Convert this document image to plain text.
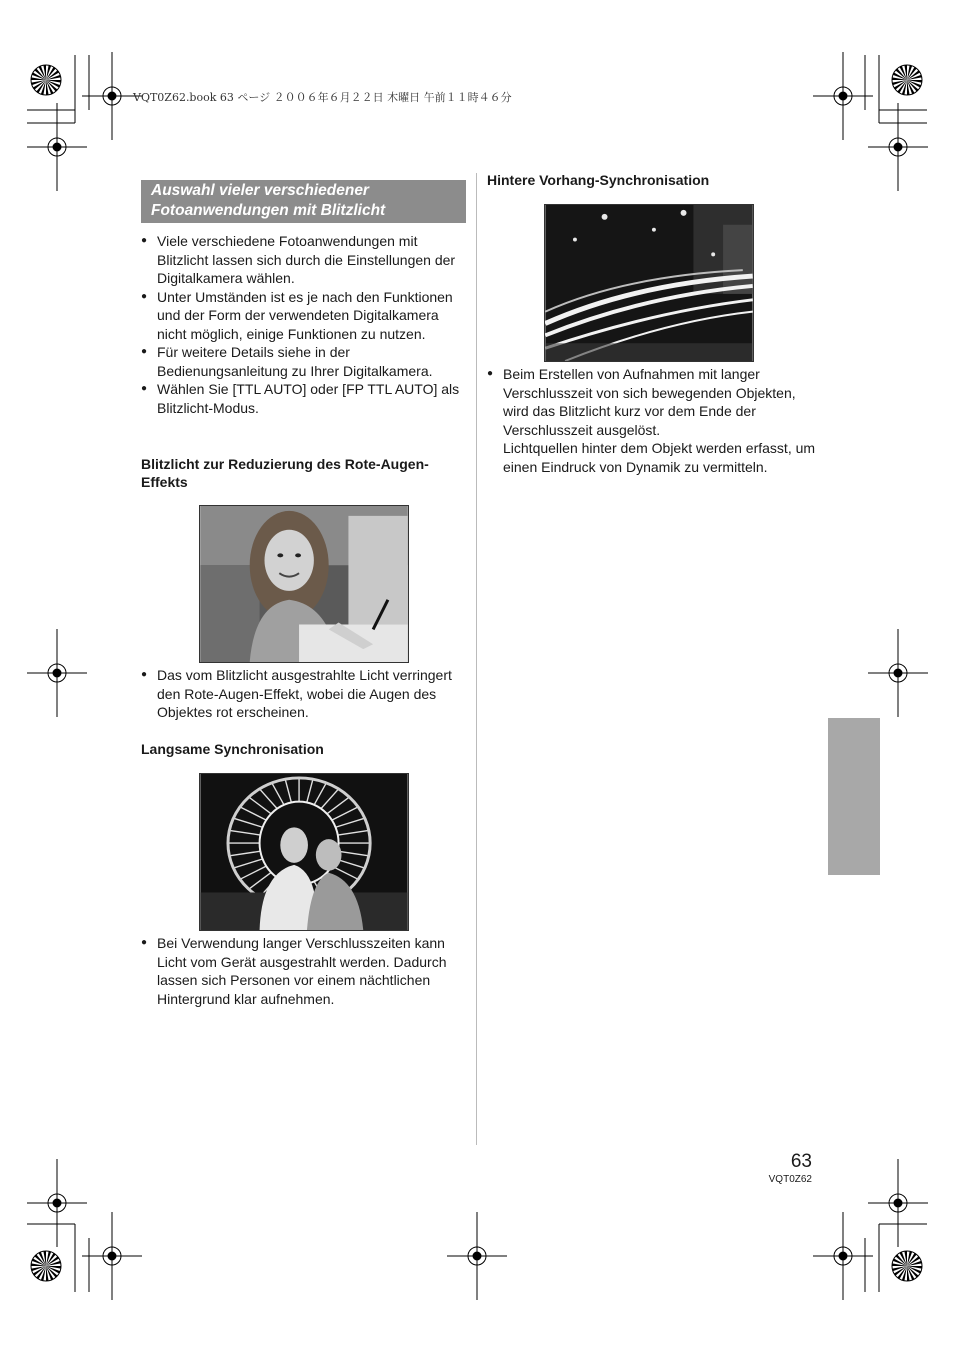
VQT0Z62.book 63 ページ ２００６年６月２２日 木曜日 午前１１時４６分
Auswahl vieler verschiedener
Fotoanwendungen mit Blitzlicht
● Viele verschiedene Fotoanwendungen mit Blitzlicht lassen sich durch die Einstellungen der Digitalkamera wählen.
● Unter Umständen ist es je nach den Funktionen und der Form der verwendeten Digitalkamera nicht möglich, einige Funktionen zu nutzen.
● Für weitere Details siehe in der Bedienungsanleitung zu Ihrer Digitalkamera.
● Wählen Sie [TTL AUTO] oder [FP TTL AUTO] als Blitzlicht-Modus.
Blitzlicht zur Reduzierung des Rote-Augen-Effekts
● Das vom Blitzlicht ausgestrahlte Licht verringert den Rote-Augen-Effekt, wobei die Augen des Objektes rot erscheinen.
Langsame Synchronisation
● Bei Verwendung langer Verschlusszeiten kann Licht vom Gerät ausgestrahlt werden. Dadurch lassen sich Personen vor einem nächtlichen Hintergrund klar aufnehmen.
Hintere Vorhang-Synchronisation
● Beim Erstellen von Aufnahmen mit langer Verschlusszeit von sich bewegenden Objekten, wird das Blitzlicht kurz vor dem Ende der Verschlusszeit ausgelöst.
Lichtquellen hinter dem Objekt werden erfasst, um einen Eindruck von Dynamik zu vermitteln.
63
VQT0Z62
